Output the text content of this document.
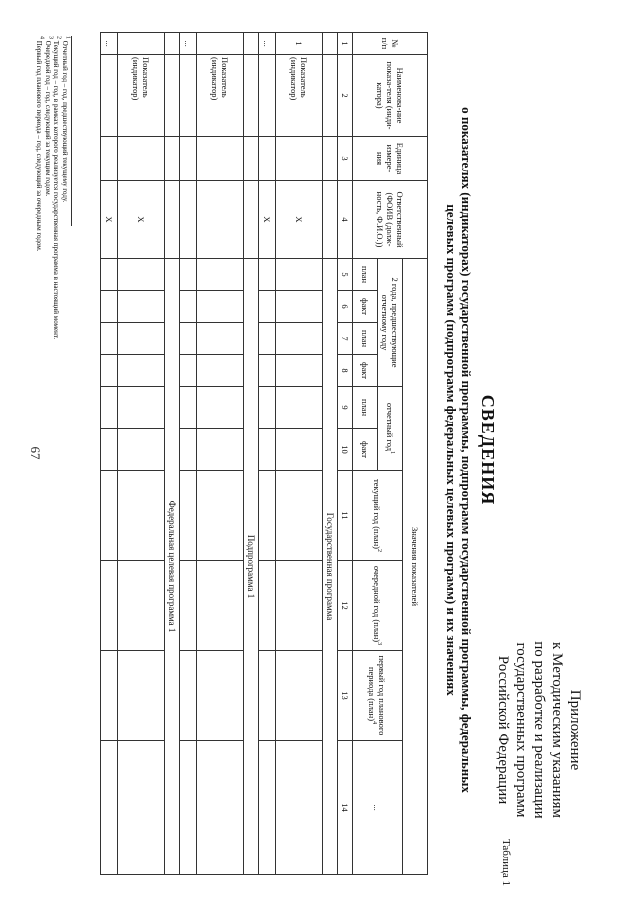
67
Приложение
к Методическим указаниям
по разработке и реализации
государственных программ
Российской Федерации
Таблица 1
СВЕДЕНИЯ
о показателях (индикаторах) государственной программы, подпрограмм государственной программы, федеральных
целевых программ (подпрограмм федеральных целевых программ) и их значениях
№ п/п	Наименова-ние показа-теля (инди-катора)	Единица измере-ния	Ответственный (ФОИВ (долж-ность, Ф.И.О.))	Значения показателей									
				2 года, предшествующие отчетному году				отчетный год$^1$		текущий год (план)$^2$	очередной год (план)$^3$	первый год планового периода (план)$^4$	...
				план	факт	план	факт	план	факт				
1	2	3	4	5	6	7	8	9	10	11	12	13	14
				Государственная программа									
1	Показатель (индикатор)		Х										
...			Х										
				Подпрограмма 1									
	Показатель (индикатор)												
...													
				Федеральная целевая программа 1									
	Показатель (индикатор)		Х										
...			Х										
$^1$ Отчетный год – год, предшествующий текущему году.
$^2$ Текущий год – год, в рамках которого реализуется государственная программа в настоящий момент.
$^3$ Очередной год – год, следующий за текущим годом.
$^4$ Первый год планового периода – год, следующий за очередным годом.
